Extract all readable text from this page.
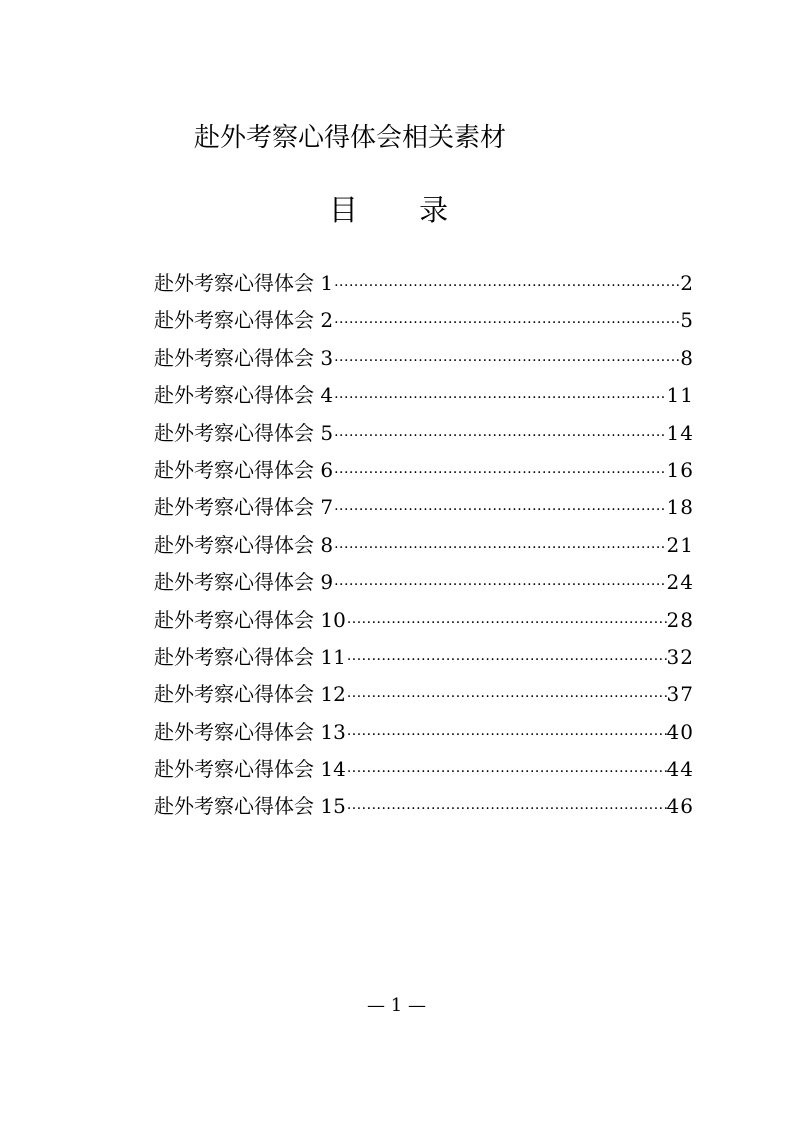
赴外考察心得体会相关素材
目 录
赴外考察心得体会 1 ·····	2
赴外考察心得体会 2 ·····	5
赴外考察心得体会 3 ·····	8
赴外考察心得体会 4 ·····	11
赴外考察心得体会 5 ·····	14
赴外考察心得体会 6 ·····	16
赴外考察心得体会 7 ·····	18
赴外考察心得体会 8 ·····	21
赴外考察心得体会 9 ·····	24
赴外考察心得体会 10 ·····	28
赴外考察心得体会 11 ·····	32
赴外考察心得体会 12 ·····	37
赴外考察心得体会 13 ·····	40
赴外考察心得体会 14 ·····	44
赴外考察心得体会 15 ·····	46
— 1 —
